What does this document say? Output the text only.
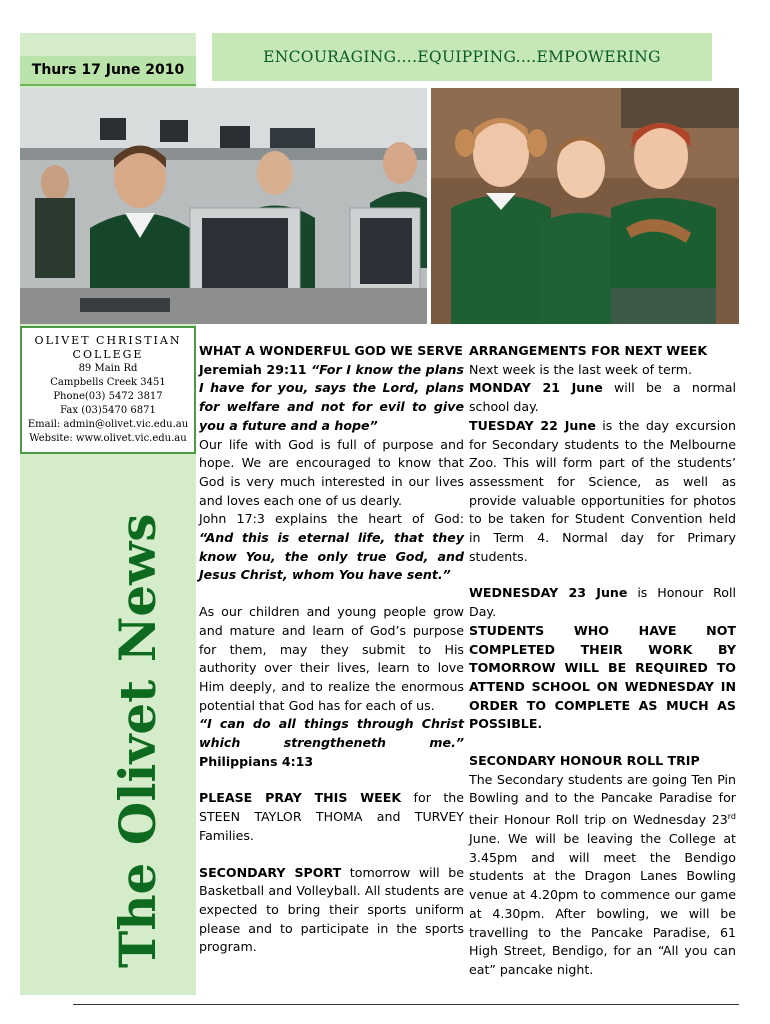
Thurs 17 June 2010
ENCOURAGING….EQUIPPING....EMPOWERING
OLIVET CHRISTIAN
COLLEGE
89 Main Rd
Campbells Creek 3451
Phone(03) 5472 3817
Fax (03)5470 6871
Email: admin@olivet.vic.edu.au
Website: www.olivet.vic.edu.au
The Olivet News

WHAT A WONDERFUL GOD WE SERVE

Jeremiah 29:11 “For I know the plans I have for you, says the Lord, plans for welfare and not for evil to give you a future and a hope”

Our life with God is full of purpose and hope. We are encouraged to know that God is very much interested in our lives and loves each one of us dearly.

John 17:3 explains the heart of God: “And this is eternal life, that they know You, the only true God, and Jesus Christ, whom You have sent.”

As our children and young people grow and mature and learn of God’s purpose for them, may they submit to His authority over their lives, learn to love Him deeply, and to realize the enormous potential that God has for each of us.

“I can do all things through Christ which strengtheneth me.” Philippians 4:13

PLEASE PRAY THIS WEEK for the STEEN TAYLOR THOMA and TURVEY Families.

SECONDARY SPORT tomorrow will be Basketball and Volleyball. All students are expected to bring their sports uniform please and to participate in the sports program.

ARRANGEMENTS FOR NEXT WEEK

Next week is the last week of term.

MONDAY 21 June will be a normal school day.

TUESDAY 22 June is the day excursion for Secondary students to the Melbourne Zoo. This will form part of the students’ assessment for Science, as well as provide valuable opportunities for photos to be taken for Student Convention held in Term 4. Normal day for Primary students.

WEDNESDAY 23 June is Honour Roll Day.

STUDENTS WHO HAVE NOT COMPLETED THEIR WORK BY TOMORROW WILL BE REQUIRED TO ATTEND SCHOOL ON WEDNESDAY IN ORDER TO COMPLETE AS MUCH AS POSSIBLE.

SECONDARY HONOUR ROLL TRIP

The Secondary students are going Ten Pin Bowling and to the Pancake Paradise for their Honour Roll trip on Wednesday 23rd June. We will be leaving the College at 3.45pm and will meet the Bendigo students at the Dragon Lanes Bowling venue at 4.20pm to commence our game at 4.30pm. After bowling, we will be travelling to the Pancake Paradise, 61 High Street, Bendigo, for an “All you can eat” pancake night.
